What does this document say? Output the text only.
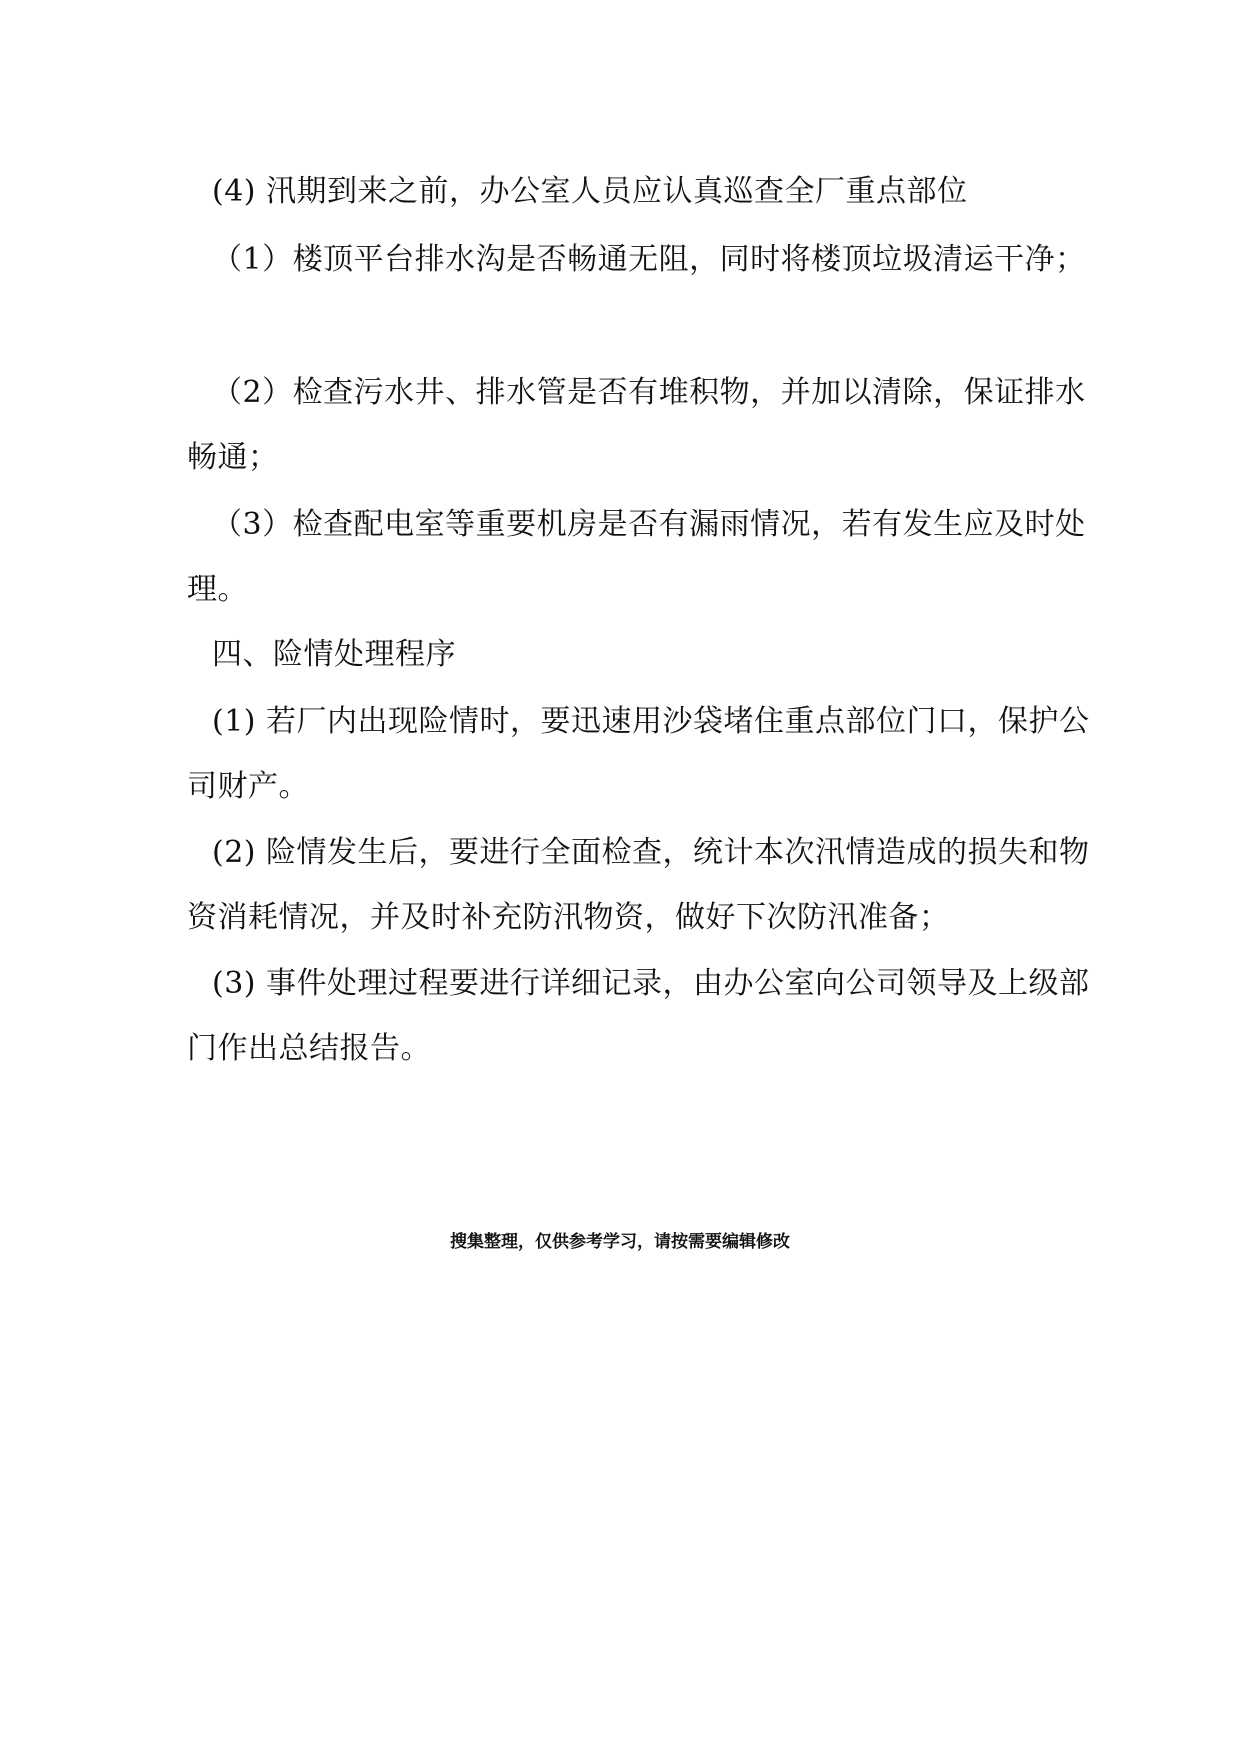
(4) 汛期到来之前，办公室人员应认真巡查全厂重点部位
（1）楼顶平台排水沟是否畅通无阻，同时将楼顶垃圾清运干净；
（2）检查污水井、排水管是否有堆积物，并加以清除，保证排水
畅通；
（3）检查配电室等重要机房是否有漏雨情况，若有发生应及时处
理。
四、险情处理程序
(1) 若厂内出现险情时，要迅速用沙袋堵住重点部位门口，保护公
司财产。
(2) 险情发生后，要进行全面检查，统计本次汛情造成的损失和物
资消耗情况，并及时补充防汛物资，做好下次防汛准备；
(3) 事件处理过程要进行详细记录，由办公室向公司领导及上级部
门作出总结报告。
搜集整理，仅供参考学习，请按需要编辑修改
